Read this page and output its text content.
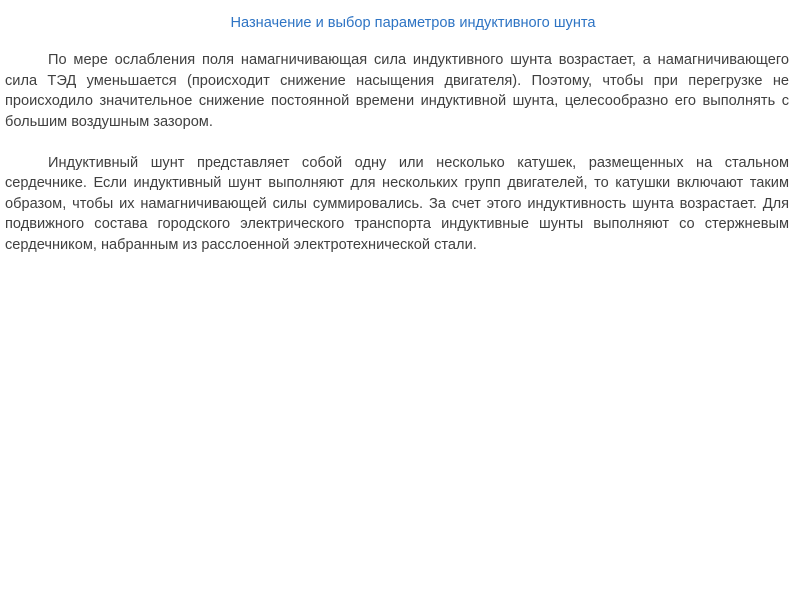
Назначение и выбор параметров индуктивного шунта

По мере ослабления поля намагничивающая сила индуктивного шунта возрастает, а намагничивающего сила ТЭД уменьшается (происходит снижение насыщения двигателя). Поэтому, чтобы при перегрузке не происходило значительное снижение постоянной времени индуктивной шунта, целесообразно его выполнять с большим воздушным зазором.

Индуктивный шунт представляет собой одну или несколько катушек, размещенных на стальном сердечнике. Если индуктивный шунт выполняют для нескольких групп двигателей, то катушки включают таким образом, чтобы их намагничивающей силы суммировались. За счет этого индуктивность шунта возрастает. Для подвижного состава городского электрического транспорта индуктивные шунты выполняют со стержневым сердечником, набранным из расслоенной электротехнической стали.
